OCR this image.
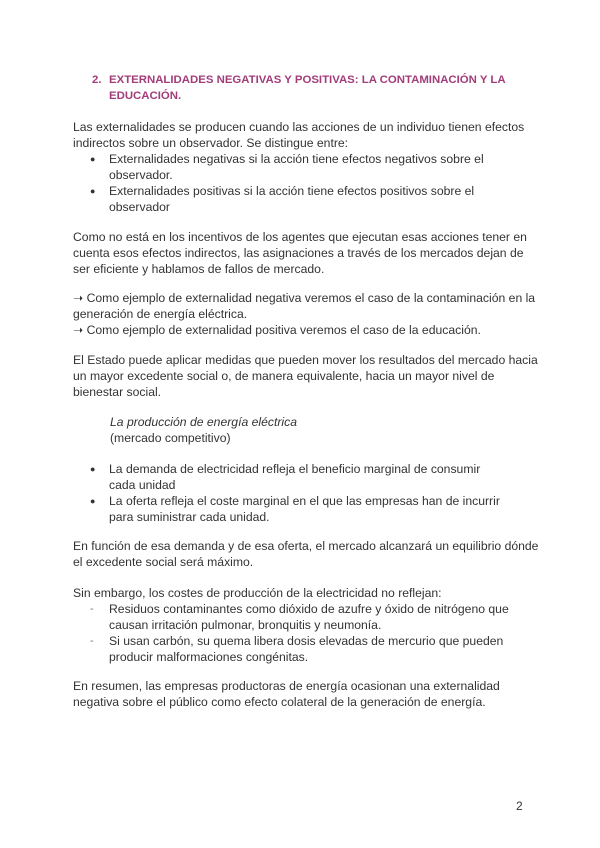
2. EXTERNALIDADES NEGATIVAS Y POSITIVAS: LA CONTAMINACIÓN Y LA EDUCACIÓN.

Las externalidades se producen cuando las acciones de un individuo tienen efectos indirectos sobre un observador. Se distingue entre:

● Externalidades negativas si la acción tiene efectos negativos sobre el observador.
● Externalidades positivas si la acción tiene efectos positivos sobre el observador

Como no está en los incentivos de los agentes que ejecutan esas acciones tener en cuenta esos efectos indirectos, las asignaciones a través de los mercados dejan de ser eficiente y hablamos de fallos de mercado.

➝ Como ejemplo de externalidad negativa veremos el caso de la contaminación en la generación de energía eléctrica.

➝ Como ejemplo de externalidad positiva veremos el caso de la educación.

El Estado puede aplicar medidas que pueden mover los resultados del mercado hacia un mayor excedente social o, de manera equivalente, hacia un mayor nivel de bienestar social.

La producción de energía eléctrica
(mercado competitivo)
● La demanda de electricidad refleja el beneficio marginal de consumir cada unidad
● La oferta refleja el coste marginal en el que las empresas han de incurrir para suministrar cada unidad.

En función de esa demanda y de esa oferta, el mercado alcanzará un equilibrio dónde el excedente social será máximo.

Sin embargo, los costes de producción de la electricidad no reflejan:

- Residuos contaminantes como dióxido de azufre y óxido de nitrógeno que causan irritación pulmonar, bronquitis y neumonía.
- Si usan carbón, su quema libera dosis elevadas de mercurio que pueden producir malformaciones congénitas.

En resumen, las empresas productoras de energía ocasionan una externalidad negativa sobre el público como efecto colateral de la generación de energía.

2
